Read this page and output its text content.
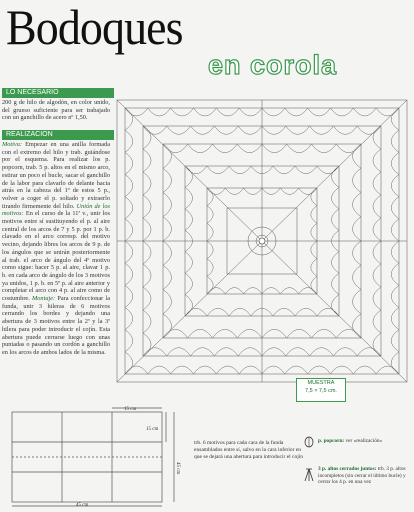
Bodoques
en corola
LO NECESARIO
200 g de hilo de algodón, en color unido, del grueso suficiente para ser trabajado con un ganchillo de acero nº 1,50.
REALIZACIÓN
Motiva: Empezar en una anilla formada con el extremo del hilo y trab. guiándose por el esquema. Para realizar los p. popcorn, trab. 5 p. altos en el mismo arco, estirar un poco el bucle, sacar el ganchillo de la labor para clavarlo de delante hacia atrás en la cabeza del 1º de estos 5 p., volver a coger el p. soltado y extraerlo tirando firmemente del hilo. Unión de los motivos: En el curso de la 11ª v., unir los motivos entre sí sustituyendo el p. al aire central de los arcos de 7 y 5 p. por 1 p. b. clavado en el arco corresp. del motivo vecino, dejando libres los arcos de 9 p. de los ángulos que se unirán posteriormente al trab. el arco de ángulo del 4º motivo como sigue: hacer 5 p. al aire, clavar 1 p. b. en cada arco de ángulo de los 3 motivos ya unidos, 1 p. b. en 5º p. al aire anterior y completar el arco con 4 p. al aire como de costumbre. Montaje: Para confeccionar la funda, unir 3 hileras de 6 motivos cerrando los bordes y dejando una abertura de 3 motivos entre la 2ª y la 3ª hilera para poder introducir el cojín. Esta abertura puede cerrarse luego con unas puntadas o pasando un cordón a ganchillo en los arcos de ambos lados de la misma.
MUESTRA
7,5 × 7,5 cm.
15 cm
15 cm
45 cm
45 cm
trb. 6 motivos para cada cara de la funda ensamblados entre sí, salvo en la cara inferior en que se dejará una abertura para introducir el cojín
p. popcorn: ver «realización»
3 p. altos cerrados juntos: trb. 3 p. altos incompletos (sin cerrar el último bucle) y cerrar los 4 p. en una vez
